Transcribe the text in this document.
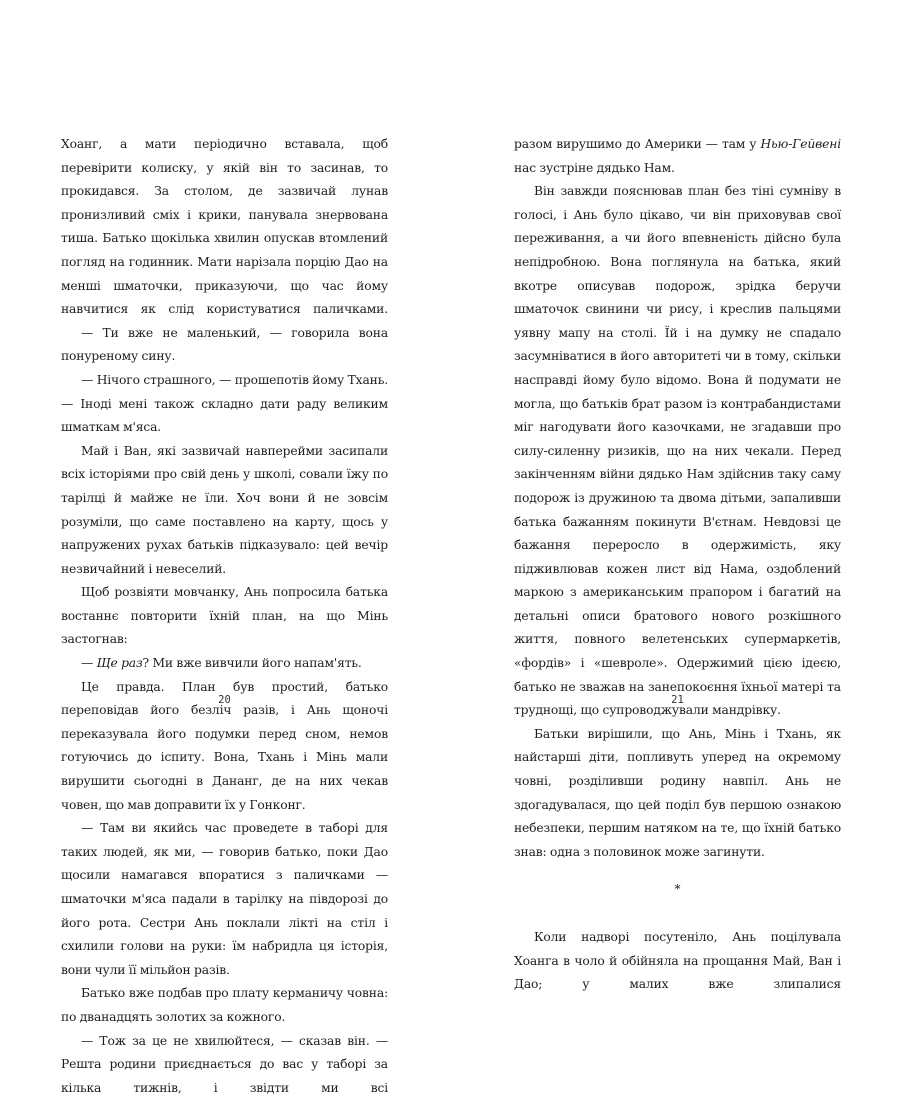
Хоанг, а мати періодично вставала, щоб перевірити колиску, у якій він то засинав, то прокидався. За столом, де зазвичай лунав пронизливий сміх і крики, панувала знервована тиша. Батько щокілька хвилин опускав втомлений погляд на годинник. Мати нарізала порцію Дао на менші шматочки, приказуючи, що час йому навчитися як слід користуватися паличками.

— Ти вже не маленький, — говорила вона понуреному сину.

— Нічого страшного, — прошепотів йому Тхань. — Іноді мені також складно дати раду великим шматкам м'яса.

Май і Ван, які зазвичай навперейми засипали всіх історіями про свій день у школі, совали їжу по тарілці й майже не їли. Хоч вони й не зовсім розуміли, що саме поставлено на карту, щось у напружених рухах батьків підказувало: цей вечір незвичайний і невеселий.

Щоб розвіяти мовчанку, Ань попросила батька востаннє повторити їхній план, на що Мінь застогнав:

— Ще раз? Ми вже вивчили його напам'ять.

Це правда. План був простий, батько переповідав його безліч разів, і Ань щоночі переказувала його подумки перед сном, немов готуючись до іспиту. Вона, Тхань і Мінь мали вирушити сьогодні в Дананг, де на них чекав човен, що мав доправити їх у Гонконг.

— Там ви якийсь час проведете в таборі для таких людей, як ми, — говорив батько, поки Дао щосили намагався впоратися з паличками — шматочки м'яса падали в тарілку на півдорозі до його рота. Сестри Ань поклали лікті на стіл і схилили голови на руки: їм набридла ця історія, вони чули її мільйон разів.

Батько вже подбав про плату керманичу човна: по дванадцять золотих за кожного.

— Тож за це не хвилюйтеся, — сказав він. — Решта родини приєднається до вас у таборі за кілька тижнів, і звідти ми всі

20

разом вирушимо до Америки — там у Нью-Гейвені нас зустріне дядько Нам.

Він завжди пояснював план без тіні сумніву в голосі, і Ань було цікаво, чи він приховував свої переживання, а чи його впевненість дійсно була непідробною. Вона поглянула на батька, який вкотре описував подорож, зрідка беручи шматочок свинини чи рису, і креслив пальцями уявну мапу на столі. Їй і на думку не спадало засумніватися в його авторитеті чи в тому, скільки насправді йому було відомо. Вона й подумати не могла, що батьків брат разом із контрабандистами міг нагодувати його казочками, не згадавши про силу-силенну ризиків, що на них чекали. Перед закінченням війни дядько Нам здійснив таку саму подорож із дружиною та двома дітьми, запаливши батька бажанням покинути В'єтнам. Невдовзі це бажання переросло в одержимість, яку підживлював кожен лист від Нама, оздоблений маркою з американським прапором і багатий на детальні описи братового нового розкішного життя, повного велетенських супермаркетів, «фордів» і «шевроле». Одержимий цією ідеєю, батько не зважав на занепокоєння їхньої матері та труднощі, що супроводжували мандрівку.

Батьки вирішили, що Ань, Мінь і Тхань, як найстарші діти, попливуть уперед на окремому човні, розділивши родину навпіл. Ань не здогадувалася, що цей поділ був першою ознакою небезпеки, першим натяком на те, що їхній батько знав: одна з половинок може загинути.

*

Коли надворі посутеніло, Ань поцілувала Хоанга в чоло й обійняла на прощання Май, Ван і Дао; у малих вже злипалися

21
